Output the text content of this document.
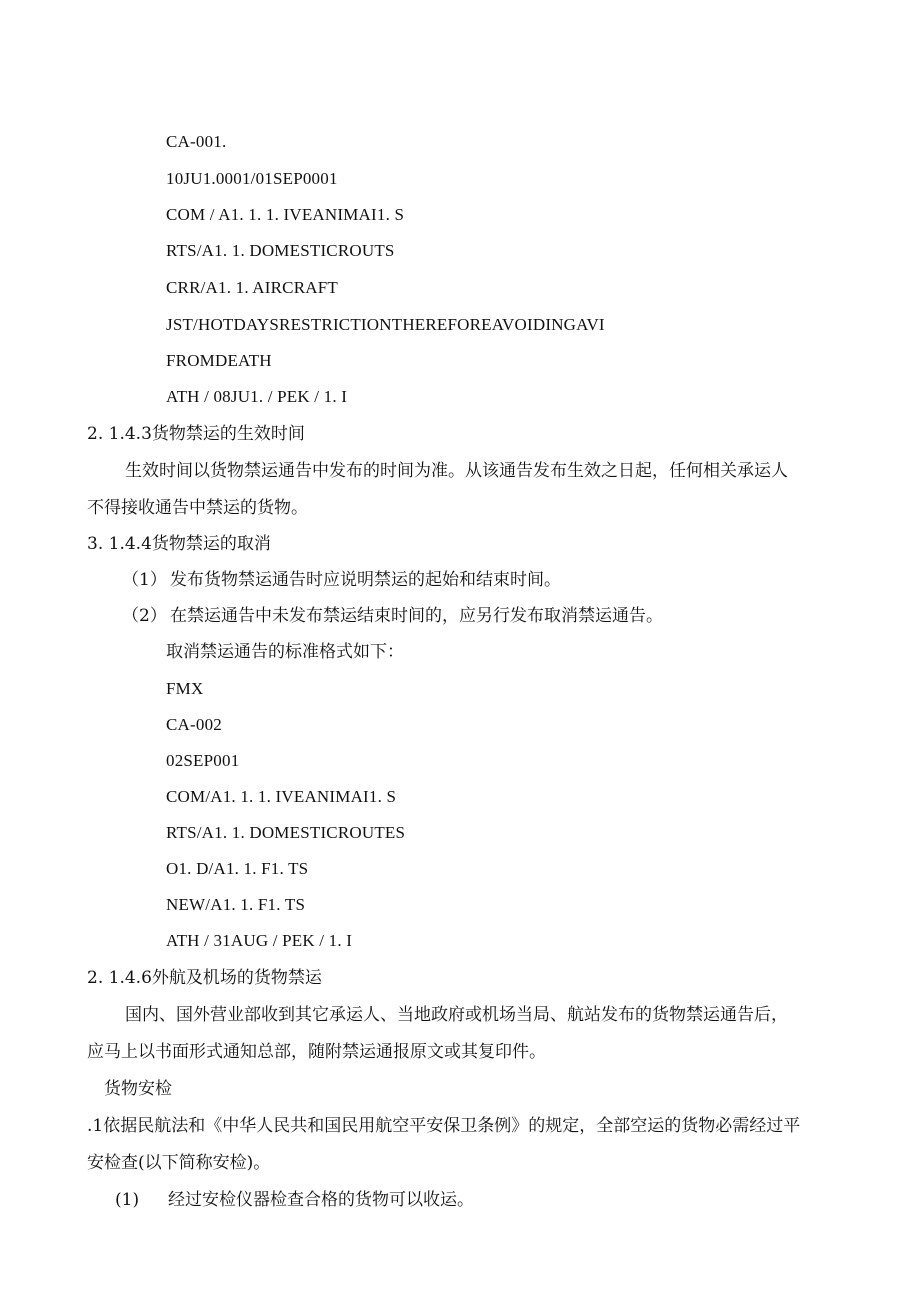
CA-001.
10JU1.0001/01SEP0001
COM / A1. 1. 1. IVEANIMAI1. S
RTS/A1. 1. DOMESTICROUTS
CRR/A1. 1. AIRCRAFT
JST/HOTDAYSRESTRICTIONTHEREFOREAVOIDINGAVI
FROMDEATH
ATH / 08JU1. / PEK / 1. I
2. 1.4.3货物禁运的生效时间
生效时间以货物禁运通告中发布的时间为准。从该通告发布生效之日起，任何相关承运人
不得接收通告中禁运的货物。
3. 1.4.4货物禁运的取消
（1） 发布货物禁运通告时应说明禁运的起始和结束时间。
（2） 在禁运通告中未发布禁运结束时间的，应另行发布取消禁运通告。
取消禁运通告的标准格式如下：
FMX
CA-002
02SEP001
COM/A1. 1. 1. IVEANIMAI1. S
RTS/A1. 1. DOMESTICROUTES
O1. D/A1. 1. F1. TS
NEW/A1. 1. F1. TS
ATH / 31AUG / PEK / 1. I
2. 1.4.6外航及机场的货物禁运
国内、国外营业部收到其它承运人、当地政府或机场当局、航站发布的货物禁运通告后，
应马上以书面形式通知总部，随附禁运通报原文或其复印件。
货物安检
.1依据民航法和《中华人民共和国民用航空平安保卫条例》的规定，全部空运的货物必需经过平
安检查(以下简称安检)。
(1) 经过安检仪器检查合格的货物可以收运。
